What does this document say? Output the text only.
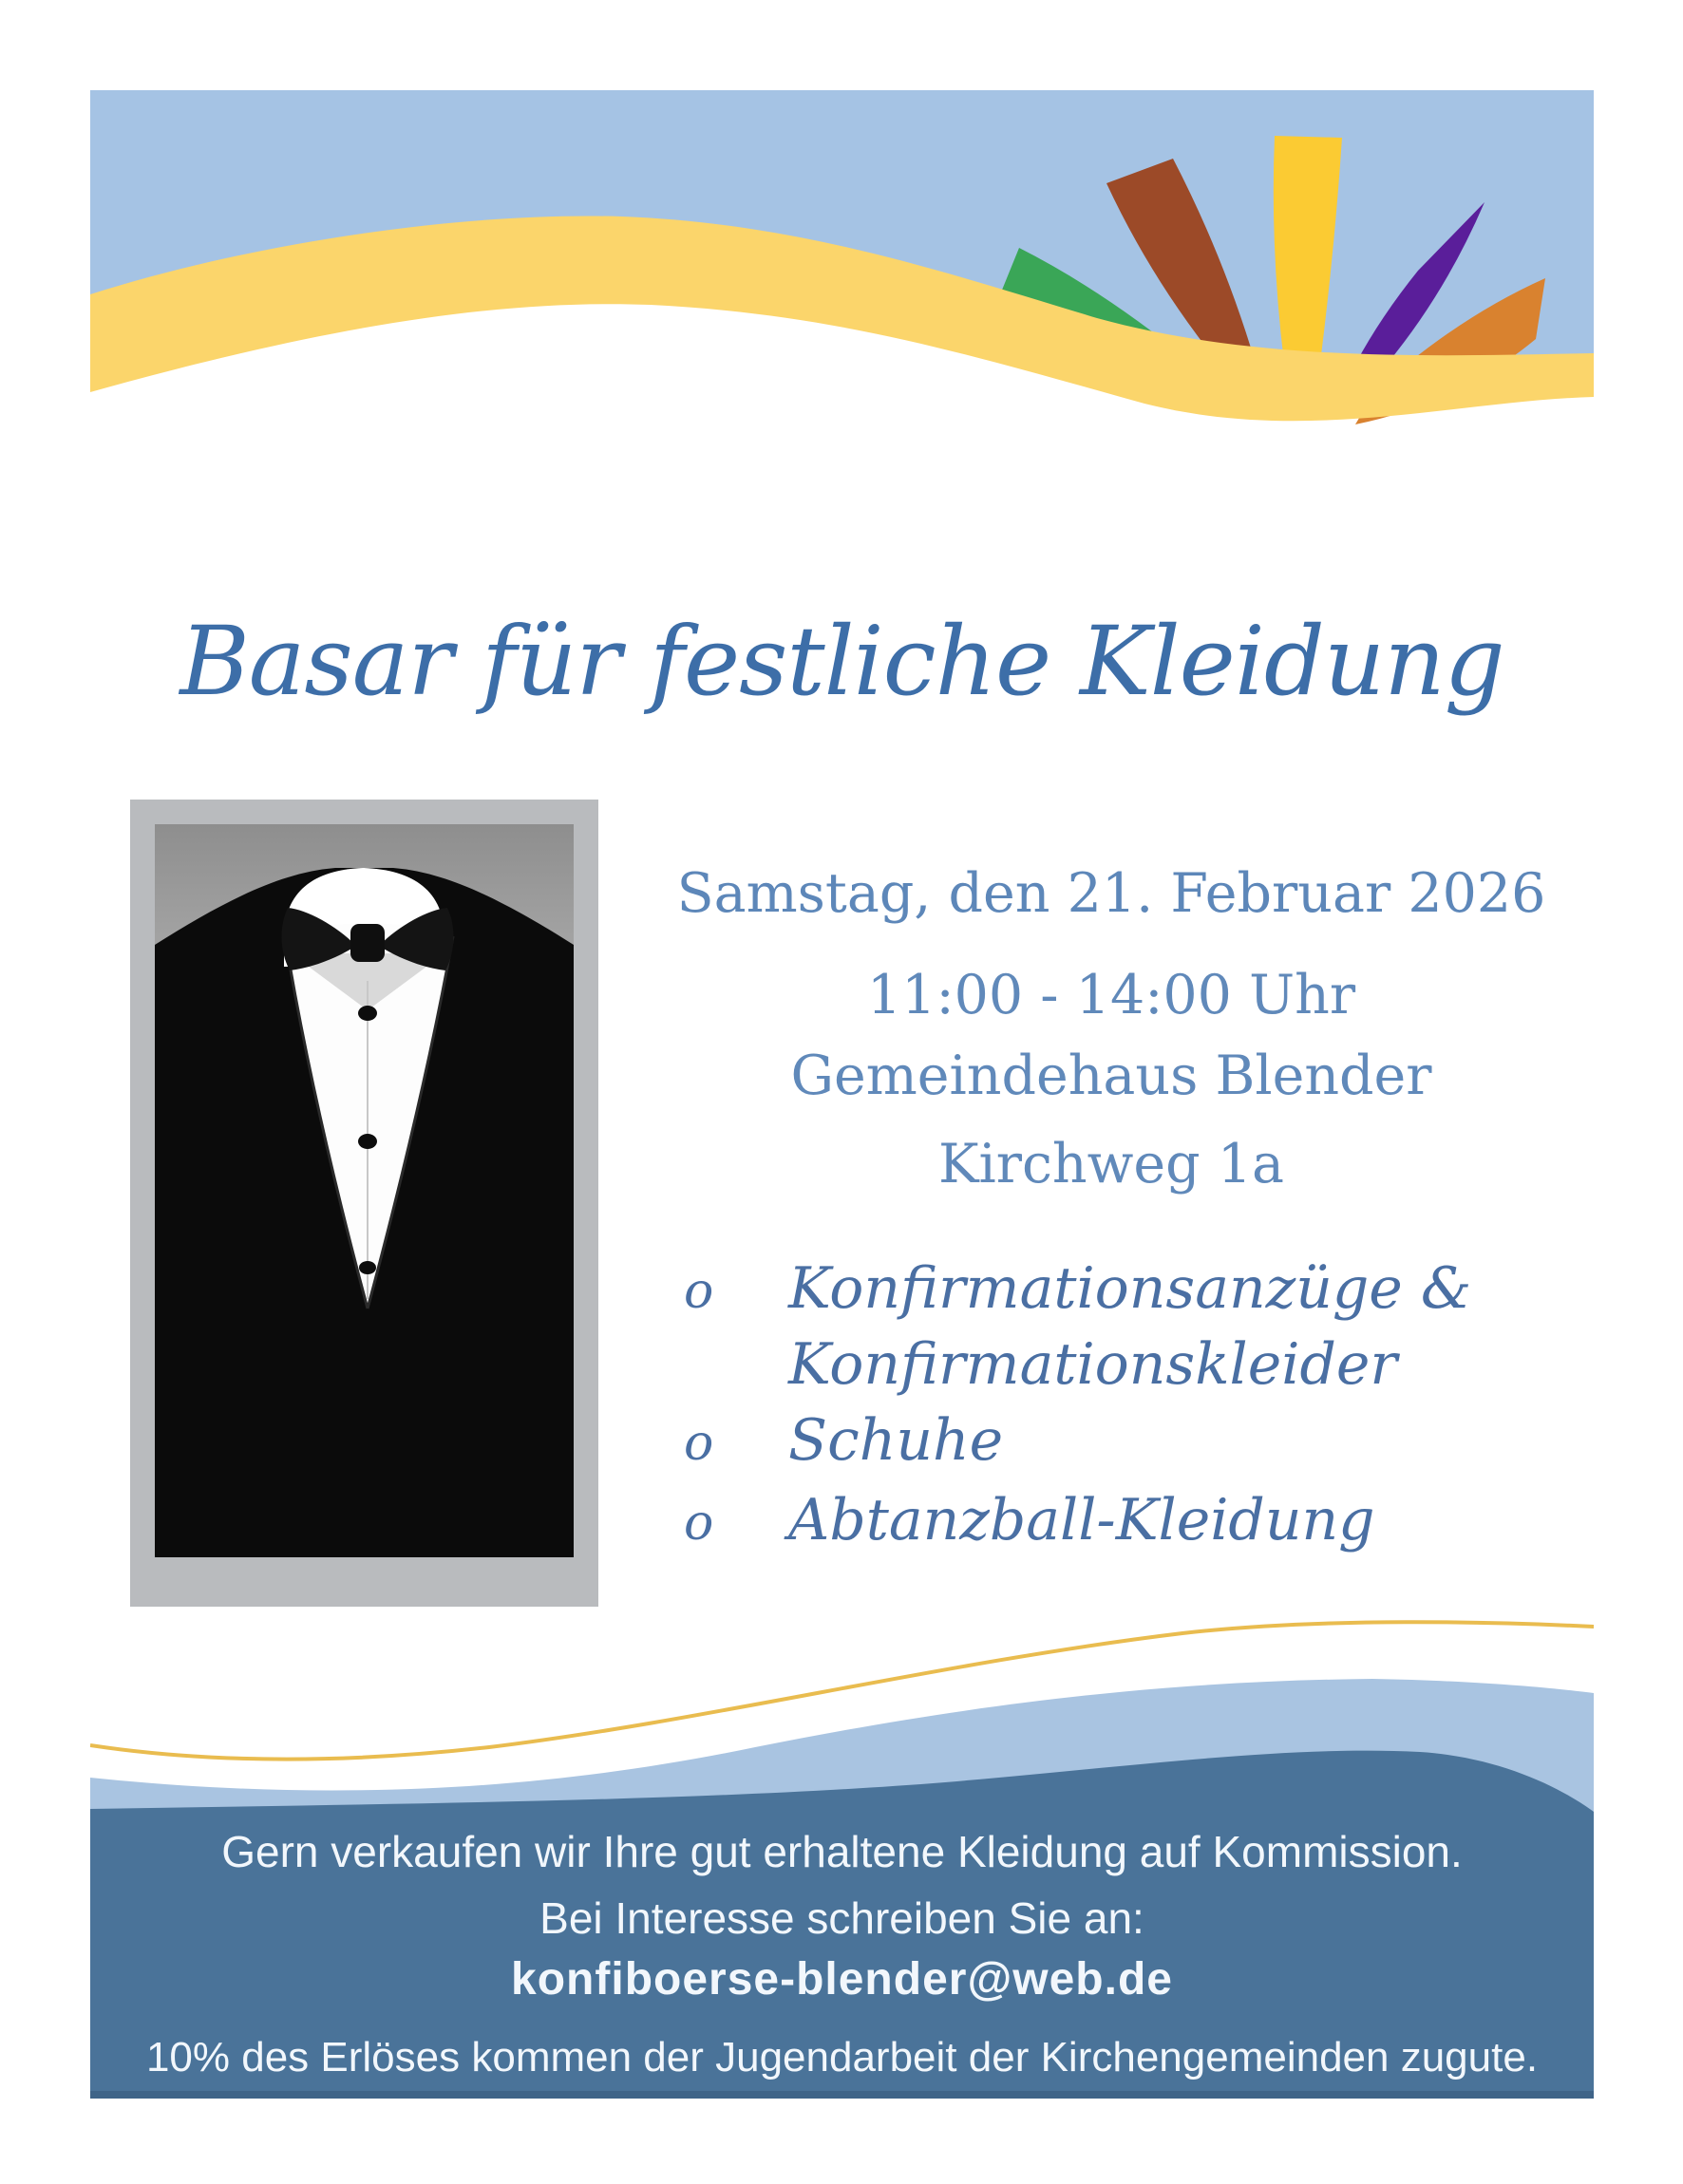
Basar für festliche Kleidung
Samstag, den 21. Februar 2026
11:00 - 14:00 Uhr
Gemeindehaus Blender
Kirchweg 1a
o Konfirmationsanzüge &
Konfirmationskleider
o Schuhe
o Abtanzball-Kleidung
Gern verkaufen wir Ihre gut erhaltene Kleidung auf Kommission.
Bei Interesse schreiben Sie an:
konfiboerse-blender@web.de
10% des Erlöses kommen der Jugendarbeit der Kirchengemeinden zugute.
